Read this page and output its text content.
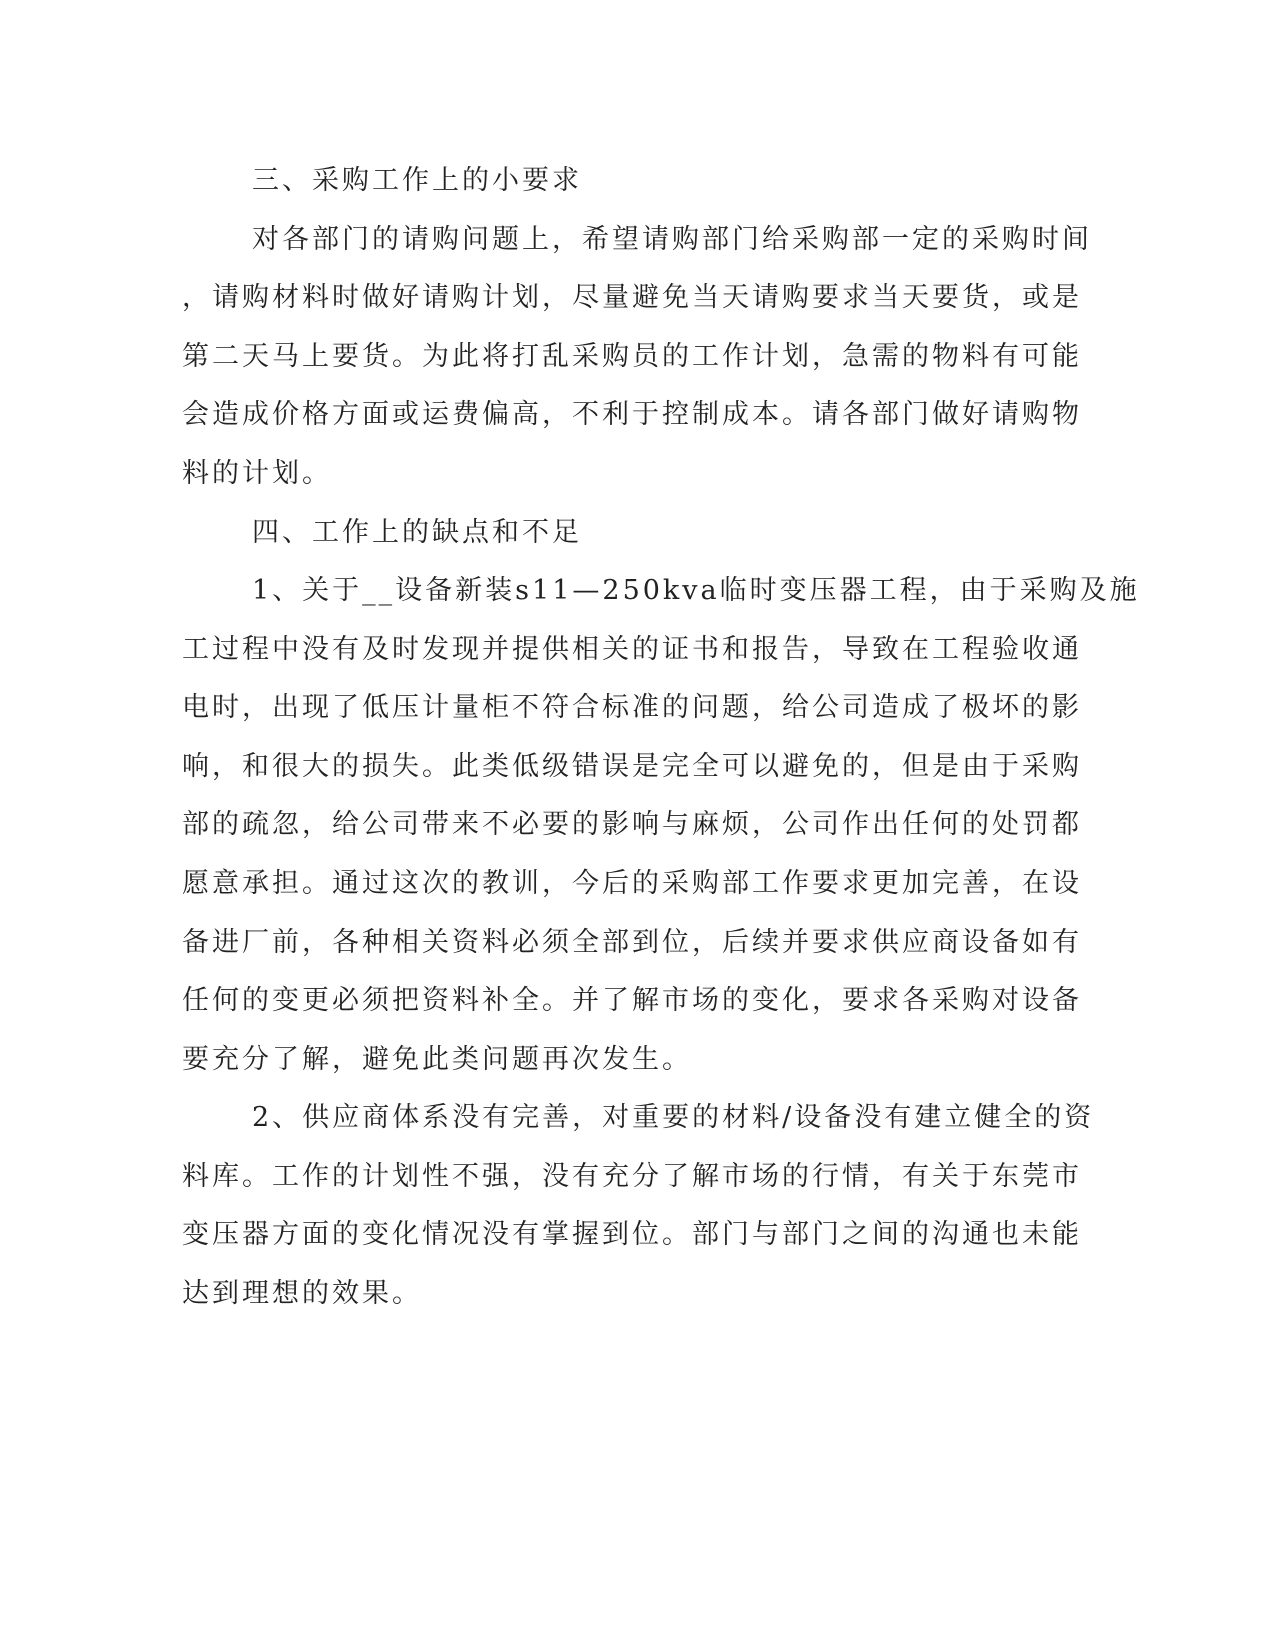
三、采购工作上的小要求
对各部门的请购问题上，希望请购部门给采购部一定的采购时间
，请购材料时做好请购计划，尽量避免当天请购要求当天要货，或是
第二天马上要货。为此将打乱采购员的工作计划，急需的物料有可能
会造成价格方面或运费偏高，不利于控制成本。请各部门做好请购物
料的计划。
四、工作上的缺点和不足
1、关于__设备新装s11—250kva临时变压器工程，由于采购及施
工过程中没有及时发现并提供相关的证书和报告，导致在工程验收通
电时，出现了低压计量柜不符合标准的问题，给公司造成了极坏的影
响，和很大的损失。此类低级错误是完全可以避免的，但是由于采购
部的疏忽，给公司带来不必要的影响与麻烦，公司作出任何的处罚都
愿意承担。通过这次的教训，今后的采购部工作要求更加完善，在设
备进厂前，各种相关资料必须全部到位，后续并要求供应商设备如有
任何的变更必须把资料补全。并了解市场的变化，要求各采购对设备
要充分了解，避免此类问题再次发生。
2、供应商体系没有完善，对重要的材料/设备没有建立健全的资
料库。工作的计划性不强，没有充分了解市场的行情，有关于东莞市
变压器方面的变化情况没有掌握到位。部门与部门之间的沟通也未能
达到理想的效果。
